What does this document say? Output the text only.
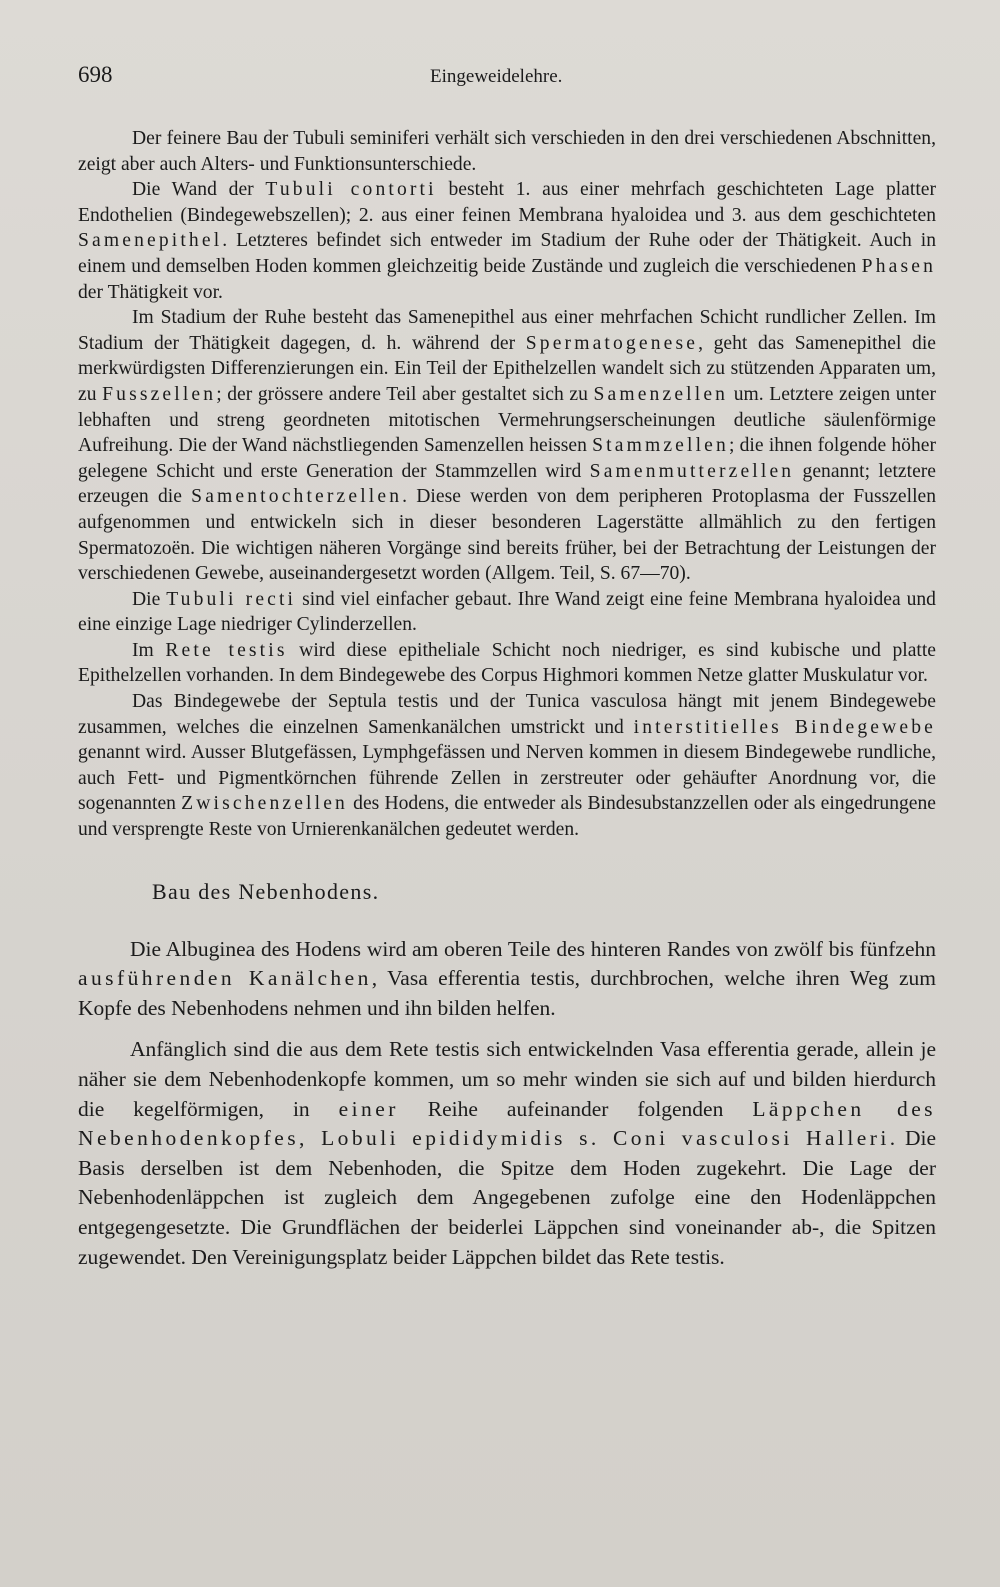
698	Eingeweidelehre.

Der feinere Bau der Tubuli seminiferi verhält sich verschieden in den drei verschiedenen Abschnitten, zeigt aber auch Alters- und Funktionsunterschiede.

Die Wand der Tubuli contorti besteht 1. aus einer mehrfach geschichteten Lage platter Endothelien (Bindegewebszellen); 2. aus einer feinen Membrana hyaloidea und 3. aus dem geschichteten Samenepithel. Letzteres befindet sich entweder im Stadium der Ruhe oder der Thätigkeit. Auch in einem und demselben Hoden kommen gleichzeitig beide Zustände und zugleich die verschiedenen Phasen der Thätigkeit vor.

Im Stadium der Ruhe besteht das Samenepithel aus einer mehrfachen Schicht rundlicher Zellen. Im Stadium der Thätigkeit dagegen, d. h. während der Spermatogenese, geht das Samenepithel die merkwürdigsten Differenzierungen ein. Ein Teil der Epithelzellen wandelt sich zu stützenden Apparaten um, zu Fusszellen; der grössere andere Teil aber gestaltet sich zu Samenzellen um. Letztere zeigen unter lebhaften und streng geordneten mitotischen Vermehrungserscheinungen deutliche säulenförmige Aufreihung. Die der Wand nächstliegenden Samenzellen heissen Stammzellen; die ihnen folgende höher gelegene Schicht und erste Generation der Stammzellen wird Samenmutterzellen genannt; letztere erzeugen die Samentochterzellen. Diese werden von dem peripheren Protoplasma der Fusszellen aufgenommen und entwickeln sich in dieser besonderen Lagerstätte allmählich zu den fertigen Spermatozoën. Die wichtigen näheren Vorgänge sind bereits früher, bei der Betrachtung der Leistungen der verschiedenen Gewebe, auseinandergesetzt worden (Allgem. Teil, S. 67—70).

Die Tubuli recti sind viel einfacher gebaut. Ihre Wand zeigt eine feine Membrana hyaloidea und eine einzige Lage niedriger Cylinderzellen.

Im Rete testis wird diese epitheliale Schicht noch niedriger, es sind kubische und platte Epithelzellen vorhanden. In dem Bindegewebe des Corpus Highmori kommen Netze glatter Muskulatur vor.

Das Bindegewebe der Septula testis und der Tunica vasculosa hängt mit jenem Bindegewebe zusammen, welches die einzelnen Samenkanälchen umstrickt und interstitielles Bindegewebe genannt wird. Ausser Blutgefässen, Lymphgefässen und Nerven kommen in diesem Bindegewebe rundliche, auch Fett- und Pigmentkörnchen führende Zellen in zerstreuter oder gehäufter Anordnung vor, die sogenannten Zwischenzellen des Hodens, die entweder als Bindesubstanzzellen oder als eingedrungene und versprengte Reste von Urnierenkanälchen gedeutet werden.

Bau des Nebenhodens.

Die Albuginea des Hodens wird am oberen Teile des hinteren Randes von zwölf bis fünfzehn ausführenden Kanälchen, Vasa efferentia testis, durchbrochen, welche ihren Weg zum Kopfe des Nebenhodens nehmen und ihn bilden helfen.

Anfänglich sind die aus dem Rete testis sich entwickelnden Vasa efferentia gerade, allein je näher sie dem Nebenhodenkopfe kommen, um so mehr winden sie sich auf und bilden hierdurch die kegelförmigen, in einer Reihe aufeinander folgenden Läppchen des Nebenhodenkopfes, Lobuli epididymidis s. Coni vasculosi Halleri. Die Basis derselben ist dem Nebenhoden, die Spitze dem Hoden zugekehrt. Die Lage der Nebenhodenläppchen ist zugleich dem Angegebenen zufolge eine den Hodenläppchen entgegengesetzte. Die Grundflächen der beiderlei Läppchen sind voneinander ab-, die Spitzen zugewendet. Den Vereinigungsplatz beider Läppchen bildet das Rete testis.
